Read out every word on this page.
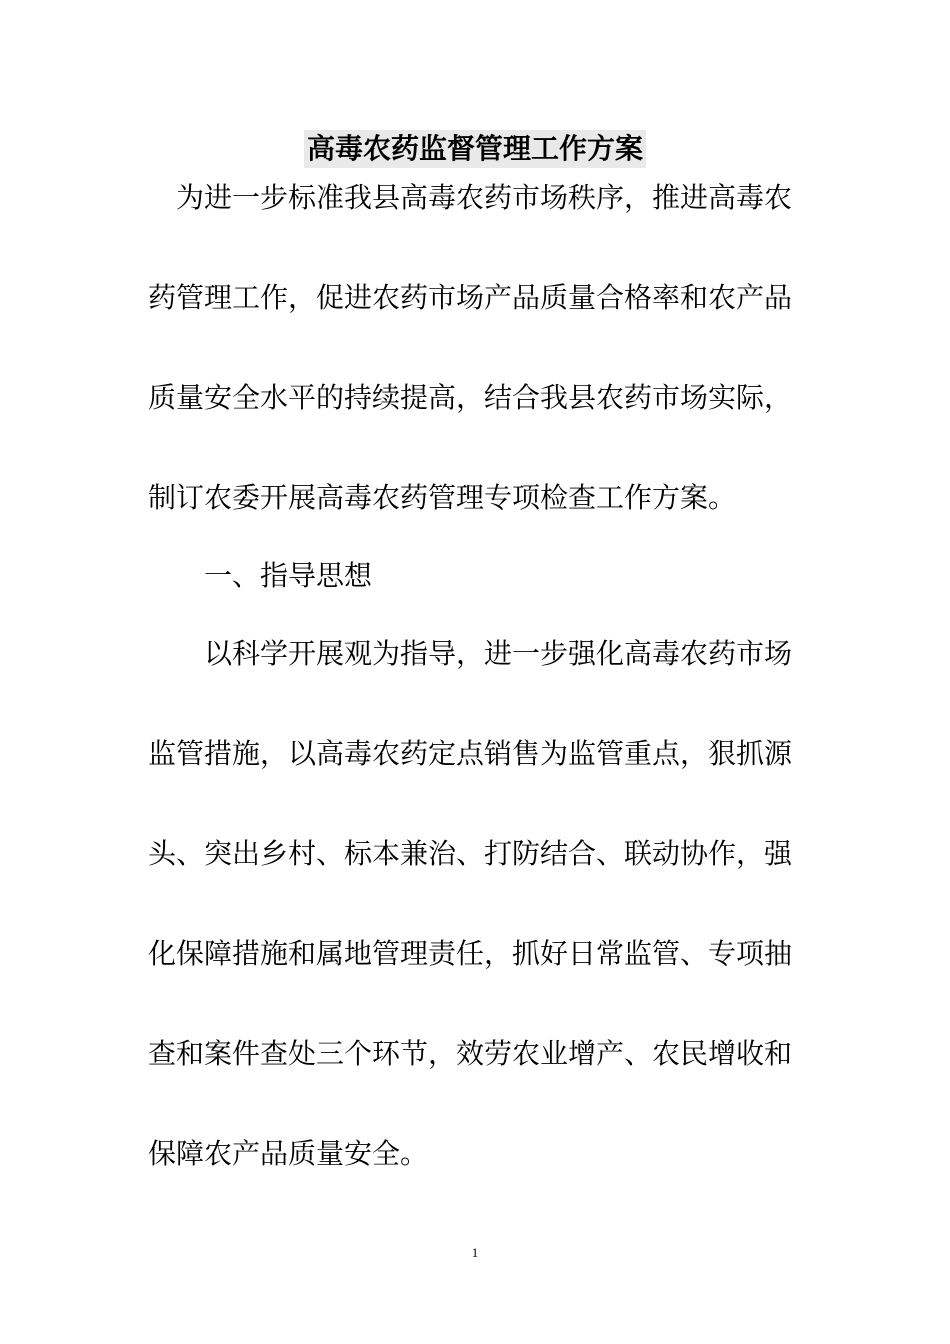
高毒农药监督管理工作方案
　为进一步标准我县高毒农药市场秩序，推进高毒农
药管理工作，促进农药市场产品质量合格率和农产品
质量安全水平的持续提高，结合我县农药市场实际，
制订农委开展高毒农药管理专项检查工作方案。
　　一、指导思想
　　以科学开展观为指导，进一步强化高毒农药市场
监管措施，以高毒农药定点销售为监管重点，狠抓源
头、突出乡村、标本兼治、打防结合、联动协作，强
化保障措施和属地管理责任，抓好日常监管、专项抽
查和案件查处三个环节，效劳农业增产、农民增收和
保障农产品质量安全。
1
